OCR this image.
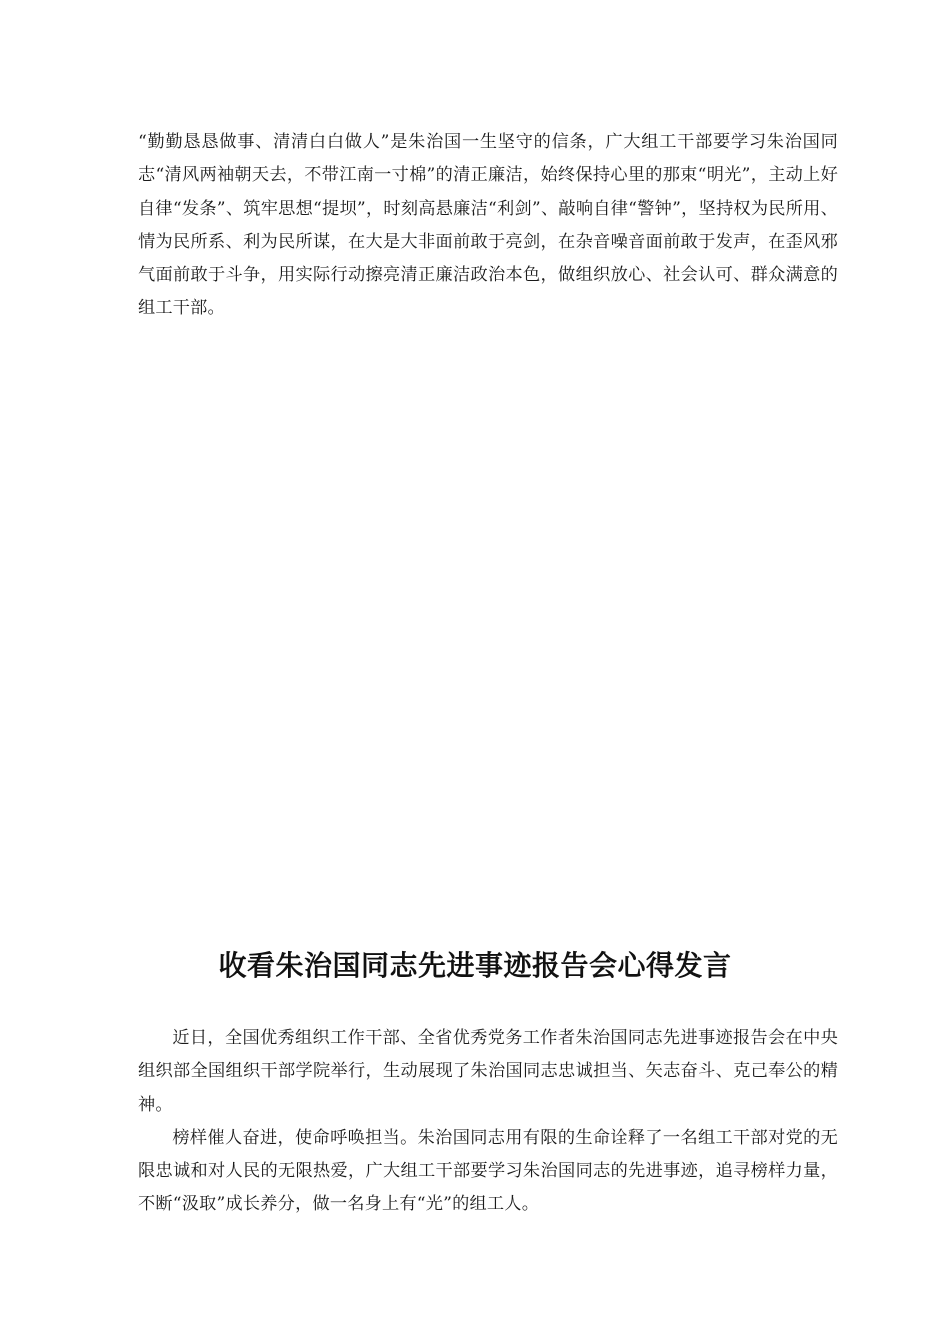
“勤勤恳恳做事、清清白白做人”是朱治国一生坚守的信条，广大组工干部要学习朱治国同志“清风两袖朝天去，不带江南一寸棉”的清正廉洁，始终保持心里的那束“明光”，主动上好自律“发条”、筑牢思想“提坝”，时刻高悬廉洁“利剑”、敲响自律“警钟”，坚持权为民所用、情为民所系、利为民所谋，在大是大非面前敢于亮剑，在杂音噪音面前敢于发声，在歪风邪气面前敢于斗争，用实际行动擦亮清正廉洁政治本色，做组织放心、社会认可、群众满意的组工干部。

收看朱治国同志先进事迹报告会心得发言

近日，全国优秀组织工作干部、全省优秀党务工作者朱治国同志先进事迹报告会在中央组织部全国组织干部学院举行，生动展现了朱治国同志忠诚担当、矢志奋斗、克己奉公的精神。

榜样催人奋进，使命呼唤担当。朱治国同志用有限的生命诠释了一名组工干部对党的无限忠诚和对人民的无限热爱，广大组工干部要学习朱治国同志的先进事迹，追寻榜样力量，不断“汲取”成长养分，做一名身上有“光”的组工人。
